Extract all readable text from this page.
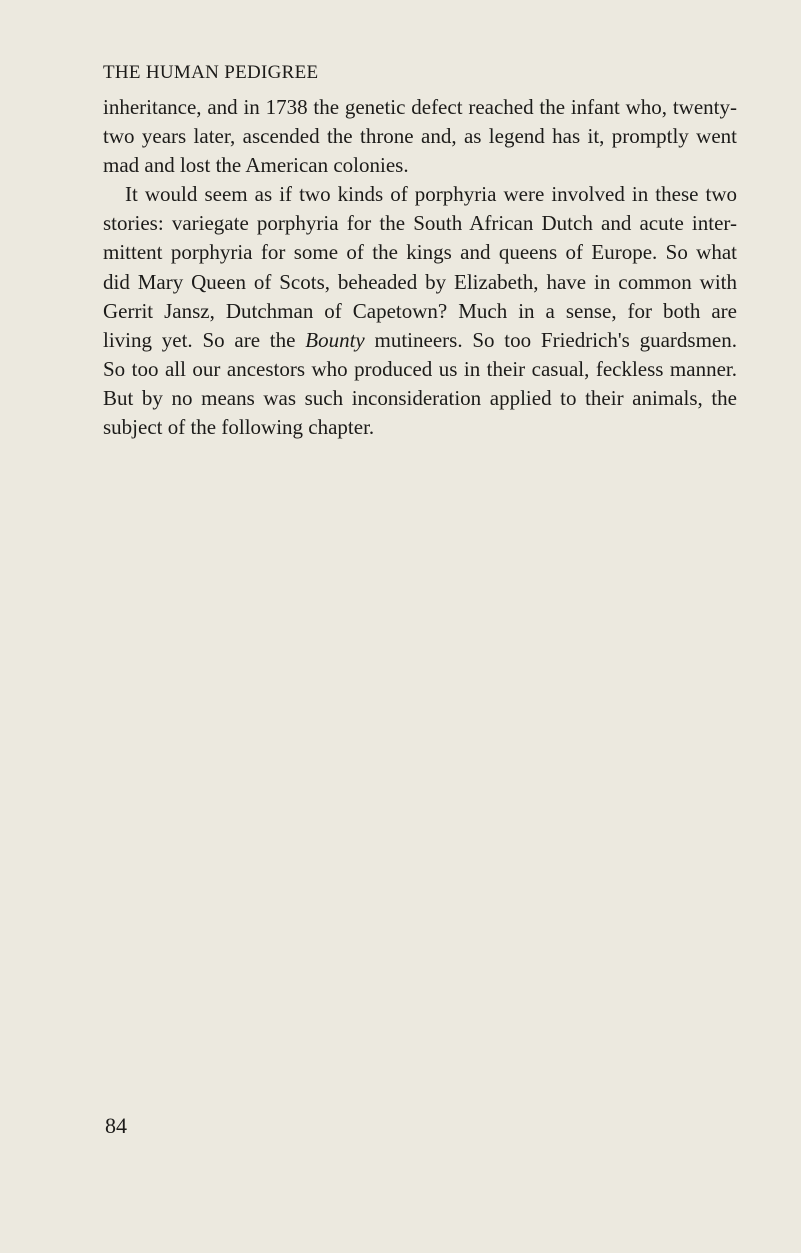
THE HUMAN PEDIGREE
inheritance, and in 1738 the genetic defect reached the infant who, twenty-
two years later, ascended the throne and, as legend has it, promptly went
mad and lost the American colonies.
It would seem as if two kinds of porphyria were involved in these two
stories: variegate porphyria for the South African Dutch and acute inter-
mittent porphyria for some of the kings and queens of Europe. So what
did Mary Queen of Scots, beheaded by Elizabeth, have in common with
Gerrit Jansz, Dutchman of Capetown? Much in a sense, for both are
living yet. So are the Bounty mutineers. So too Friedrich's guardsmen.
So too all our ancestors who produced us in their casual, feckless manner.
But by no means was such inconsideration applied to their animals, the
subject of the following chapter.
84
